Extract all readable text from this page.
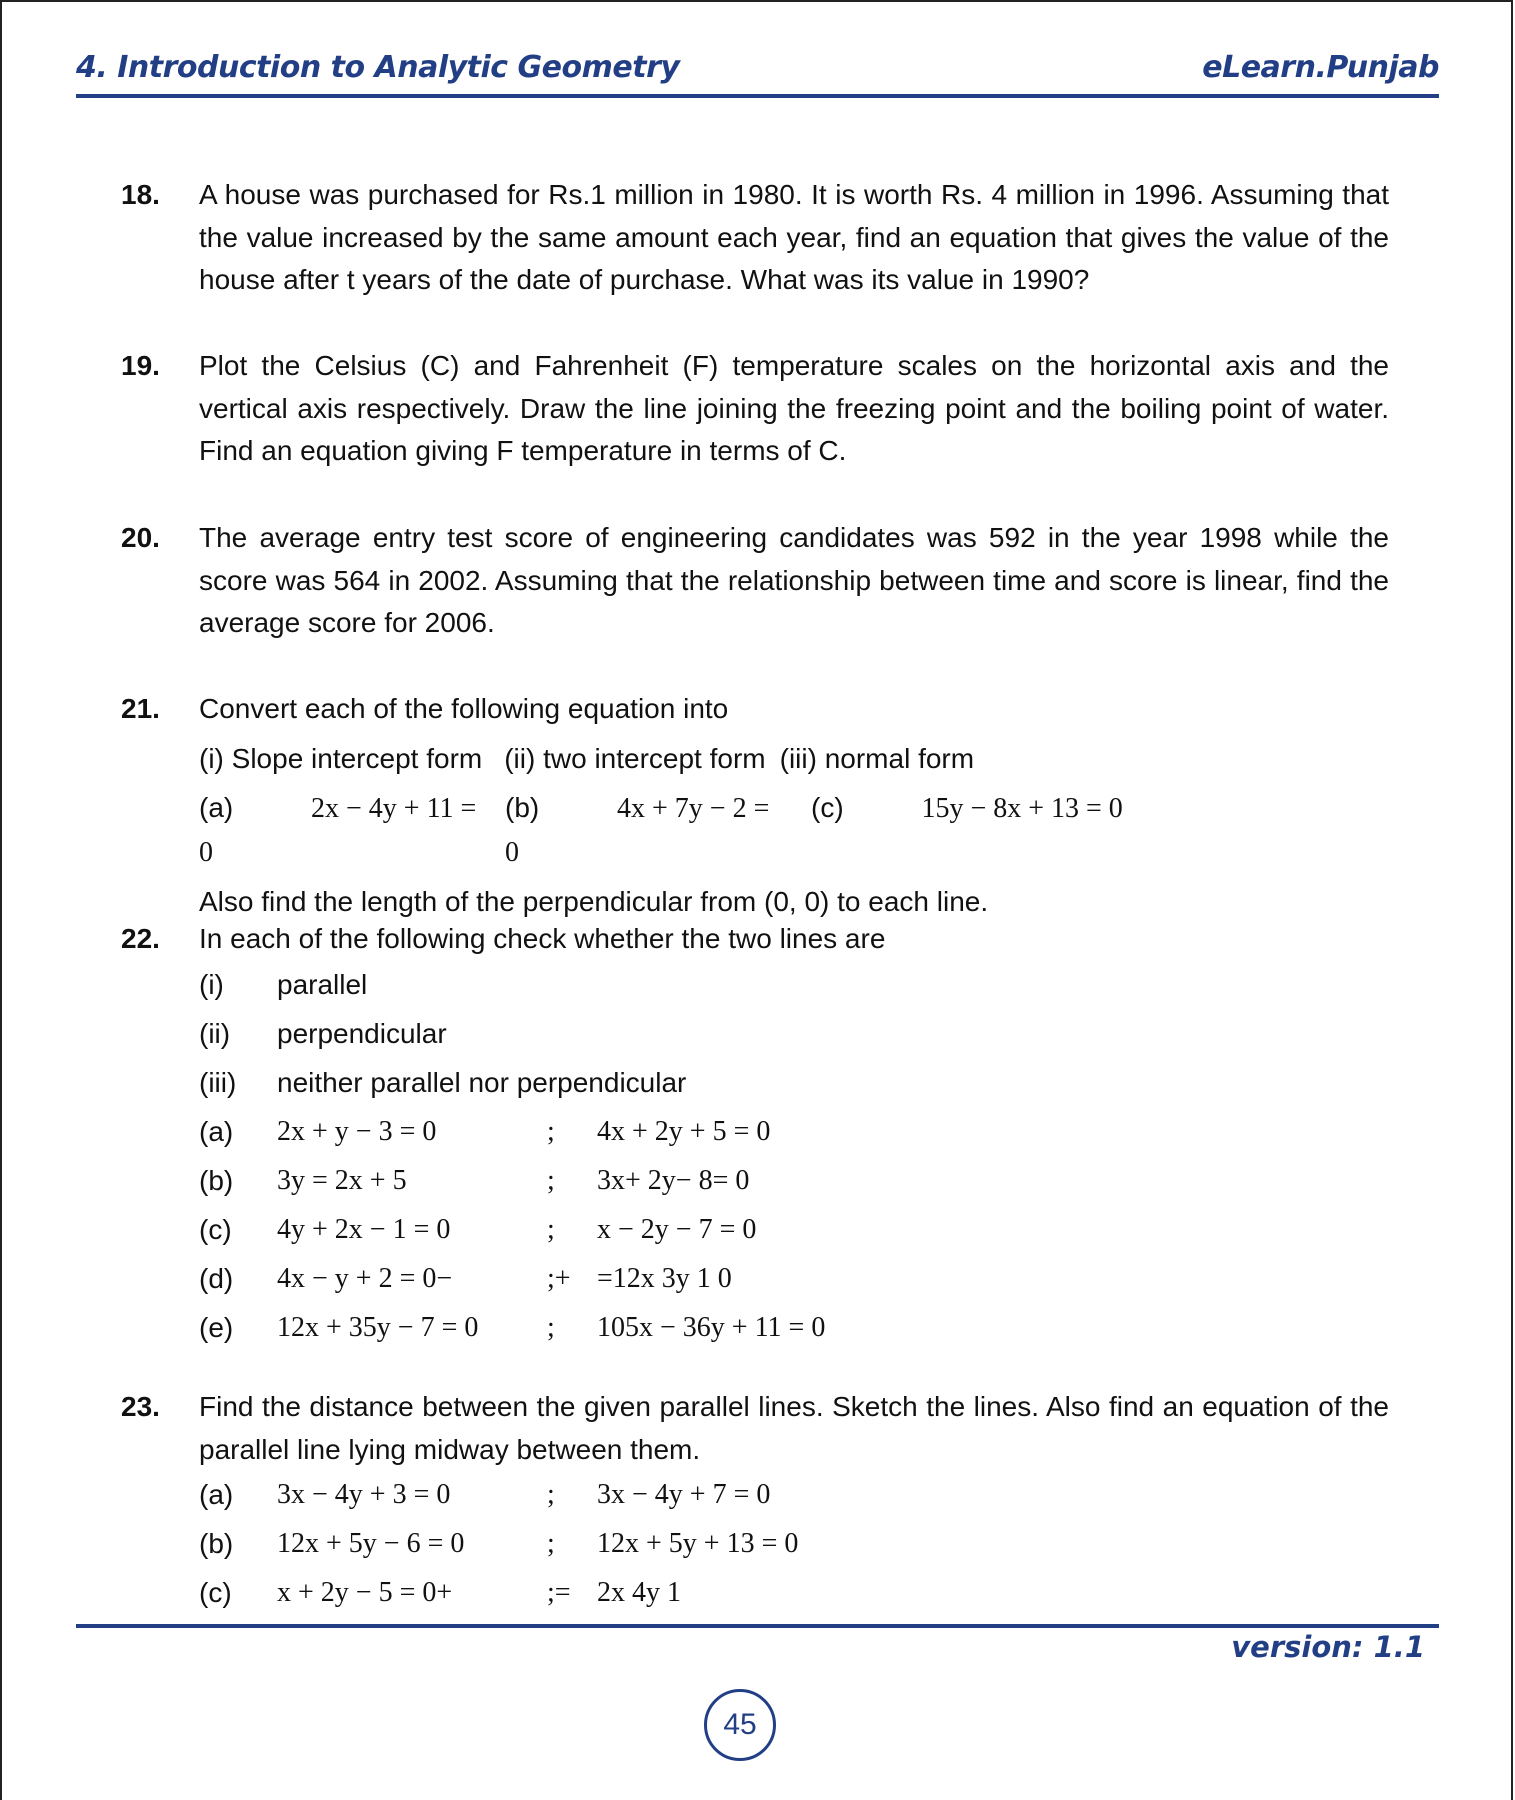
4. Introduction to Analytic Geometry	eLearn.Punjab
18. A house was purchased for Rs.1 million in 1980. It is worth Rs. 4 million in 1996. Assuming that the value increased by the same amount each year, find an equation that gives the value of the house after t years of the date of purchase. What was its value in 1990?

19. Plot the Celsius (C) and Fahrenheit (F) temperature scales on the horizontal axis and the vertical axis respectively. Draw the line joining the freezing point and the boiling point of water. Find an equation giving F temperature in terms of C.

20. The average entry test score of engineering candidates was 592 in the year 1998 while the score was 564 in 2002. Assuming that the relationship between time and score is linear, find the average score for 2006.

21. Convert each of the following equation into

(i) Slope intercept form (ii) two intercept form (iii) normal form
(a)	2x − 4y + 11 = 0
(b)	4x + 7y − 2 = 0
(c)	15y − 8x + 13 = 0

Also find the length of the perpendicular from (0, 0) to each line.

22. In each of the following check whether the two lines are

(i)	parallel
(ii)	perpendicular
(iii)	neither parallel nor perpendicular
(a)	2x + y − 3 = 0	;	4x + 2y + 5 = 0
(b)	3y = 2x + 5	;	3x+ 2y− 8= 0
(c)	4y + 2x − 1 = 0	;	x − 2y − 7 = 0
(d)	4x − y + 2 = 0−	;+ =12x 3y 1 0
(e)	12x + 35y − 7 = 0	;	105x − 36y + 11 = 0
23. Find the distance between the given parallel lines. Sketch the lines. Also find an equation of the parallel line lying midway between them.

(a)	3x − 4y + 3 = 0	;	3x − 4y + 7 = 0
(b)	12x + 5y − 6 = 0	;	12x + 5y + 13 = 0
(c)	x + 2y − 5 = 0+	;= 2x 4y 1
version: 1.1
45
